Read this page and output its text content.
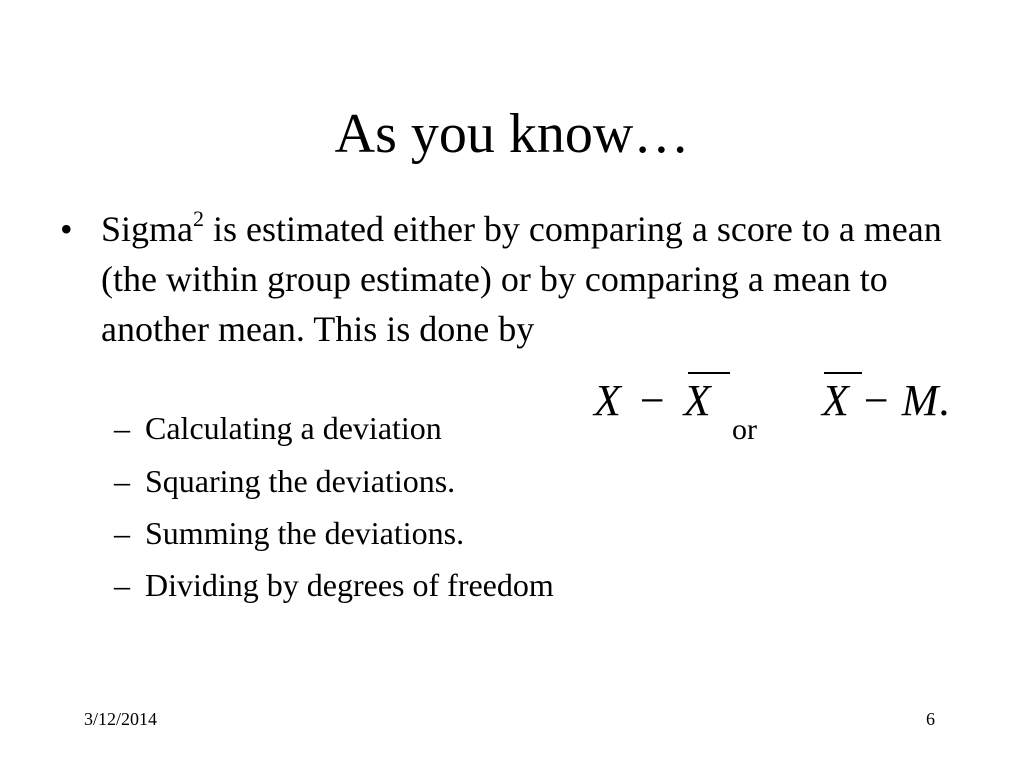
As you know…
• Sigma$^2$ is estimated either by comparing a score to a mean (the within group estimate) or by comparing a mean to another mean. This is done by
– Calculating a deviation
– Squaring the deviations.
– Summing the deviations.
– Dividing by degrees of freedom
X − X
or
X − M.
3/12/2014	6
